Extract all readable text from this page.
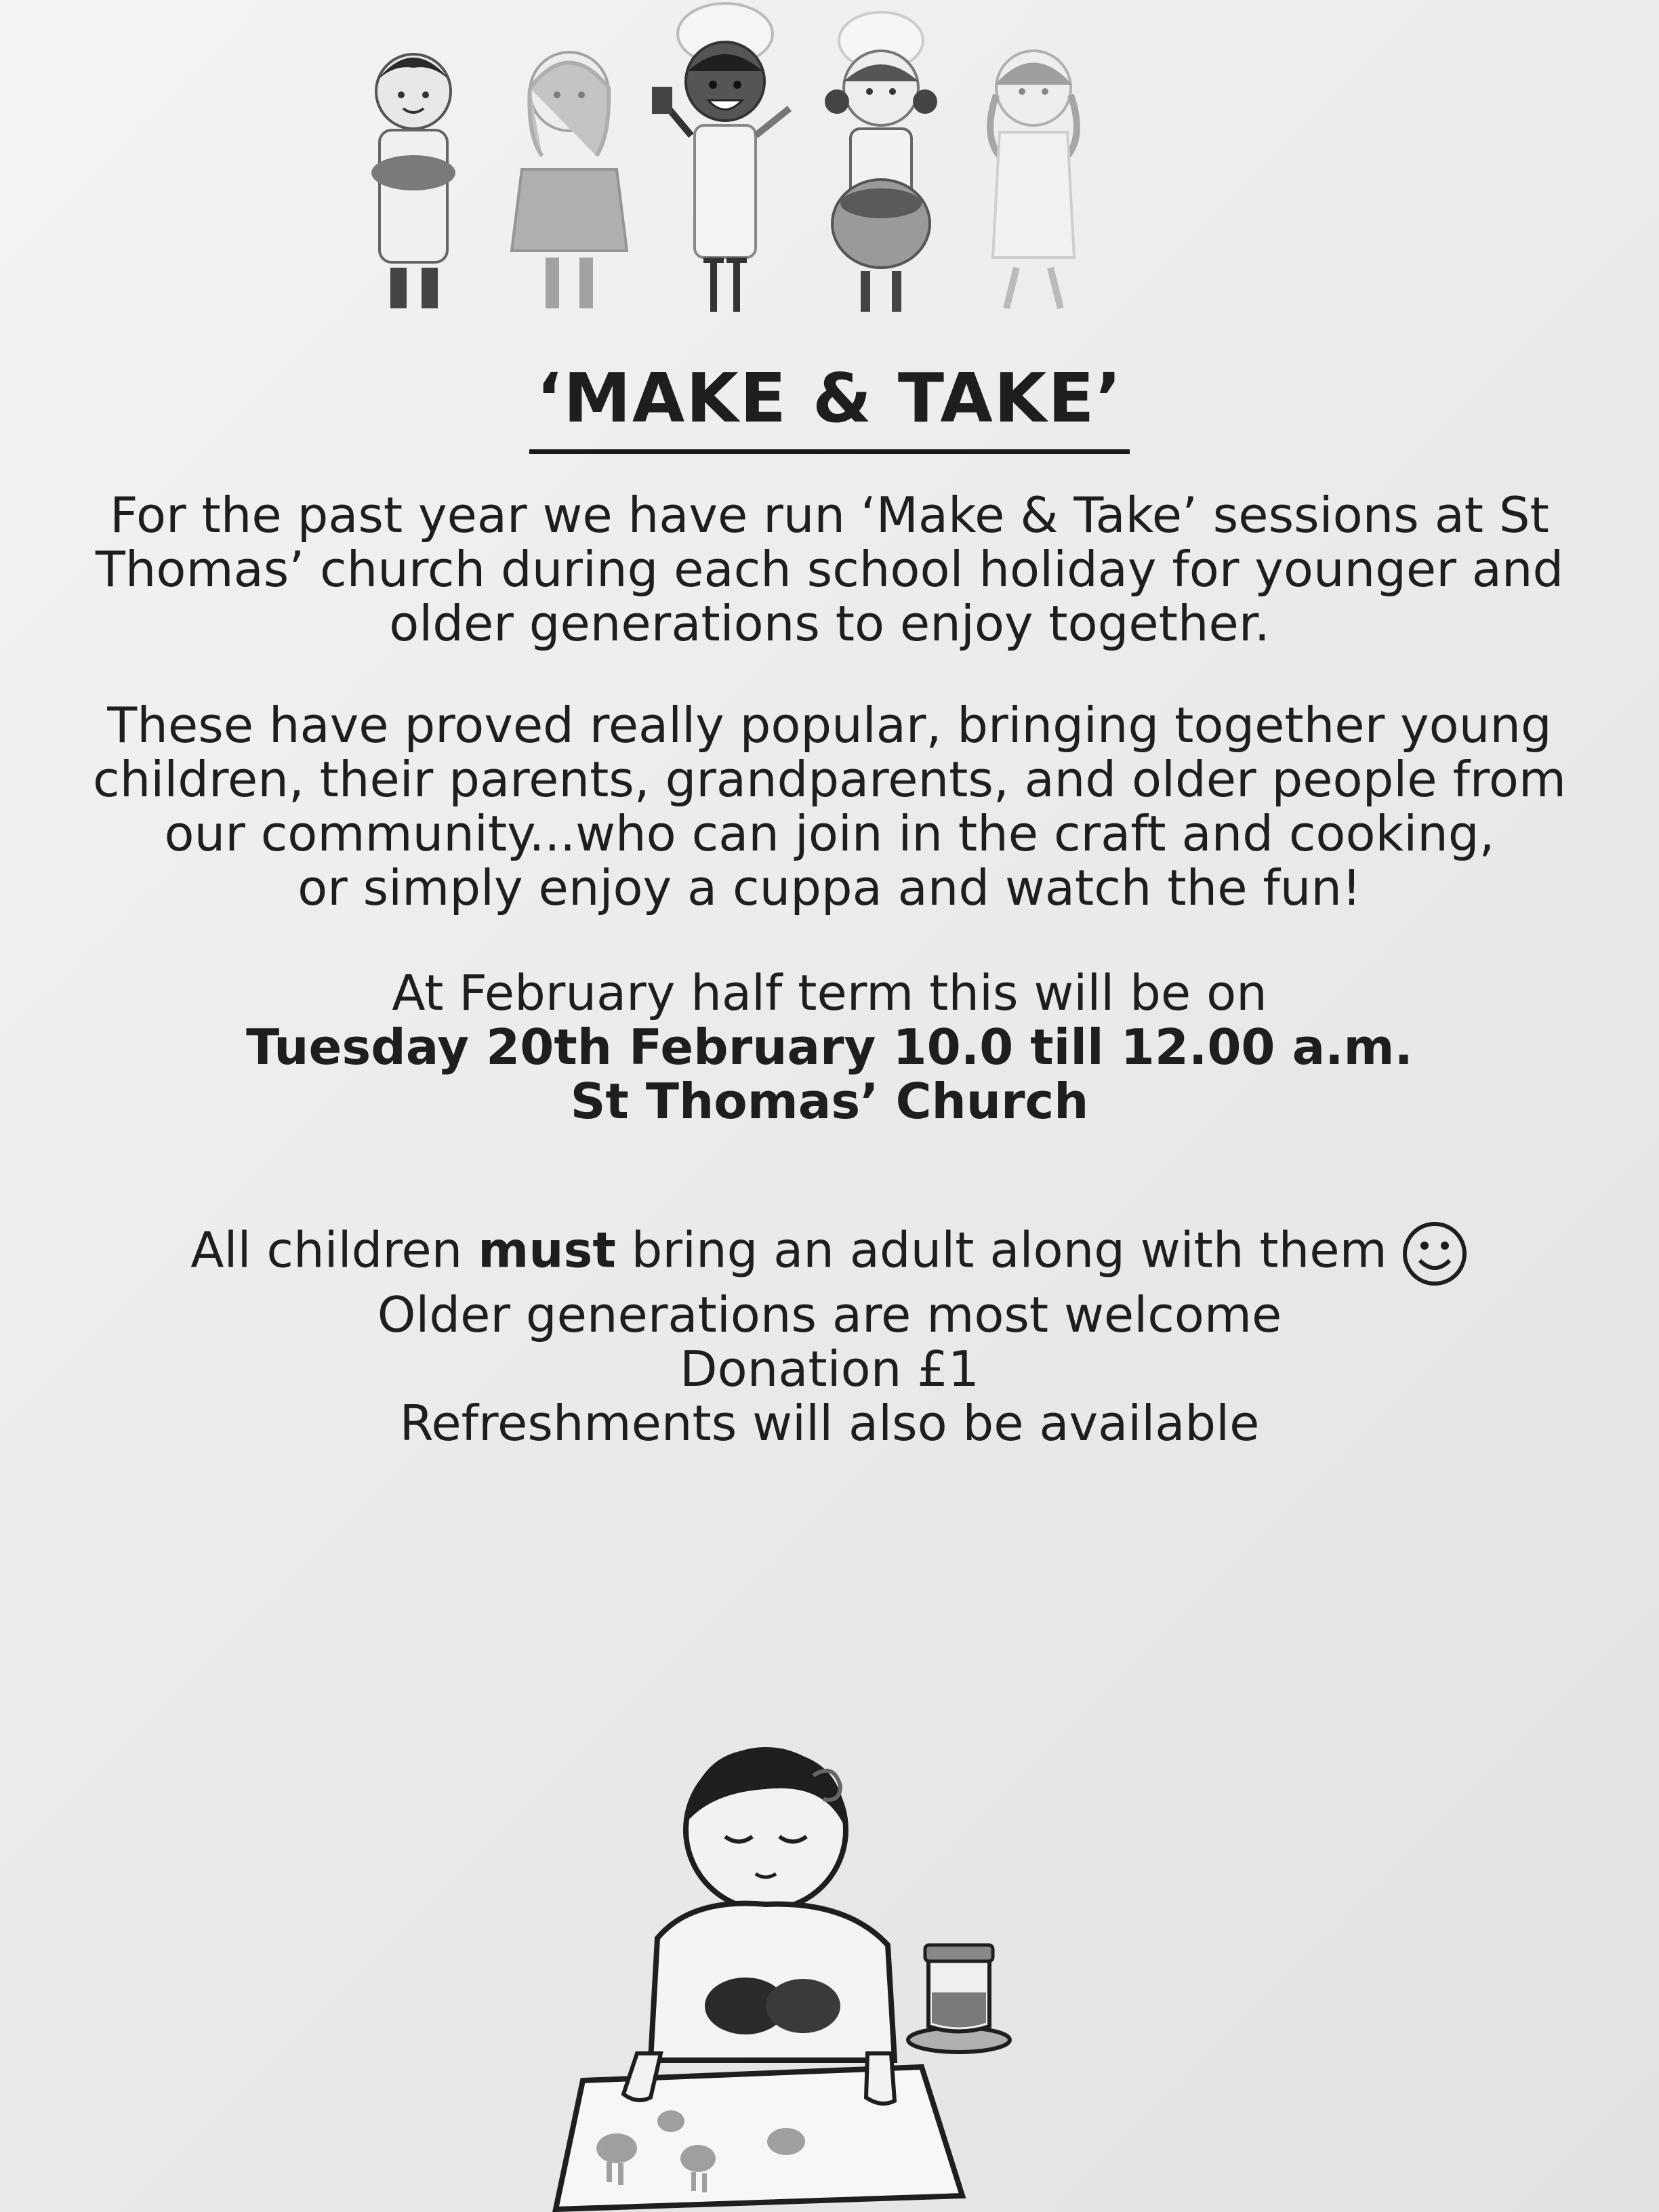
‘MAKE & TAKE’
For the past year we have run ‘Make & Take’ sessions at St
Thomas’ church during each school holiday for younger and
older generations to enjoy together.
These have proved really popular, bringing together young
children, their parents, grandparents, and older people from
our community...who can join in the craft and cooking,
or simply enjoy a cuppa and watch the fun!
At February half term this will be on
Tuesday 20th February 10.0 till 12.00 a.m.
St Thomas’ Church
All children must bring an adult along with them
Older generations are most welcome
Donation £1
Refreshments will also be available
